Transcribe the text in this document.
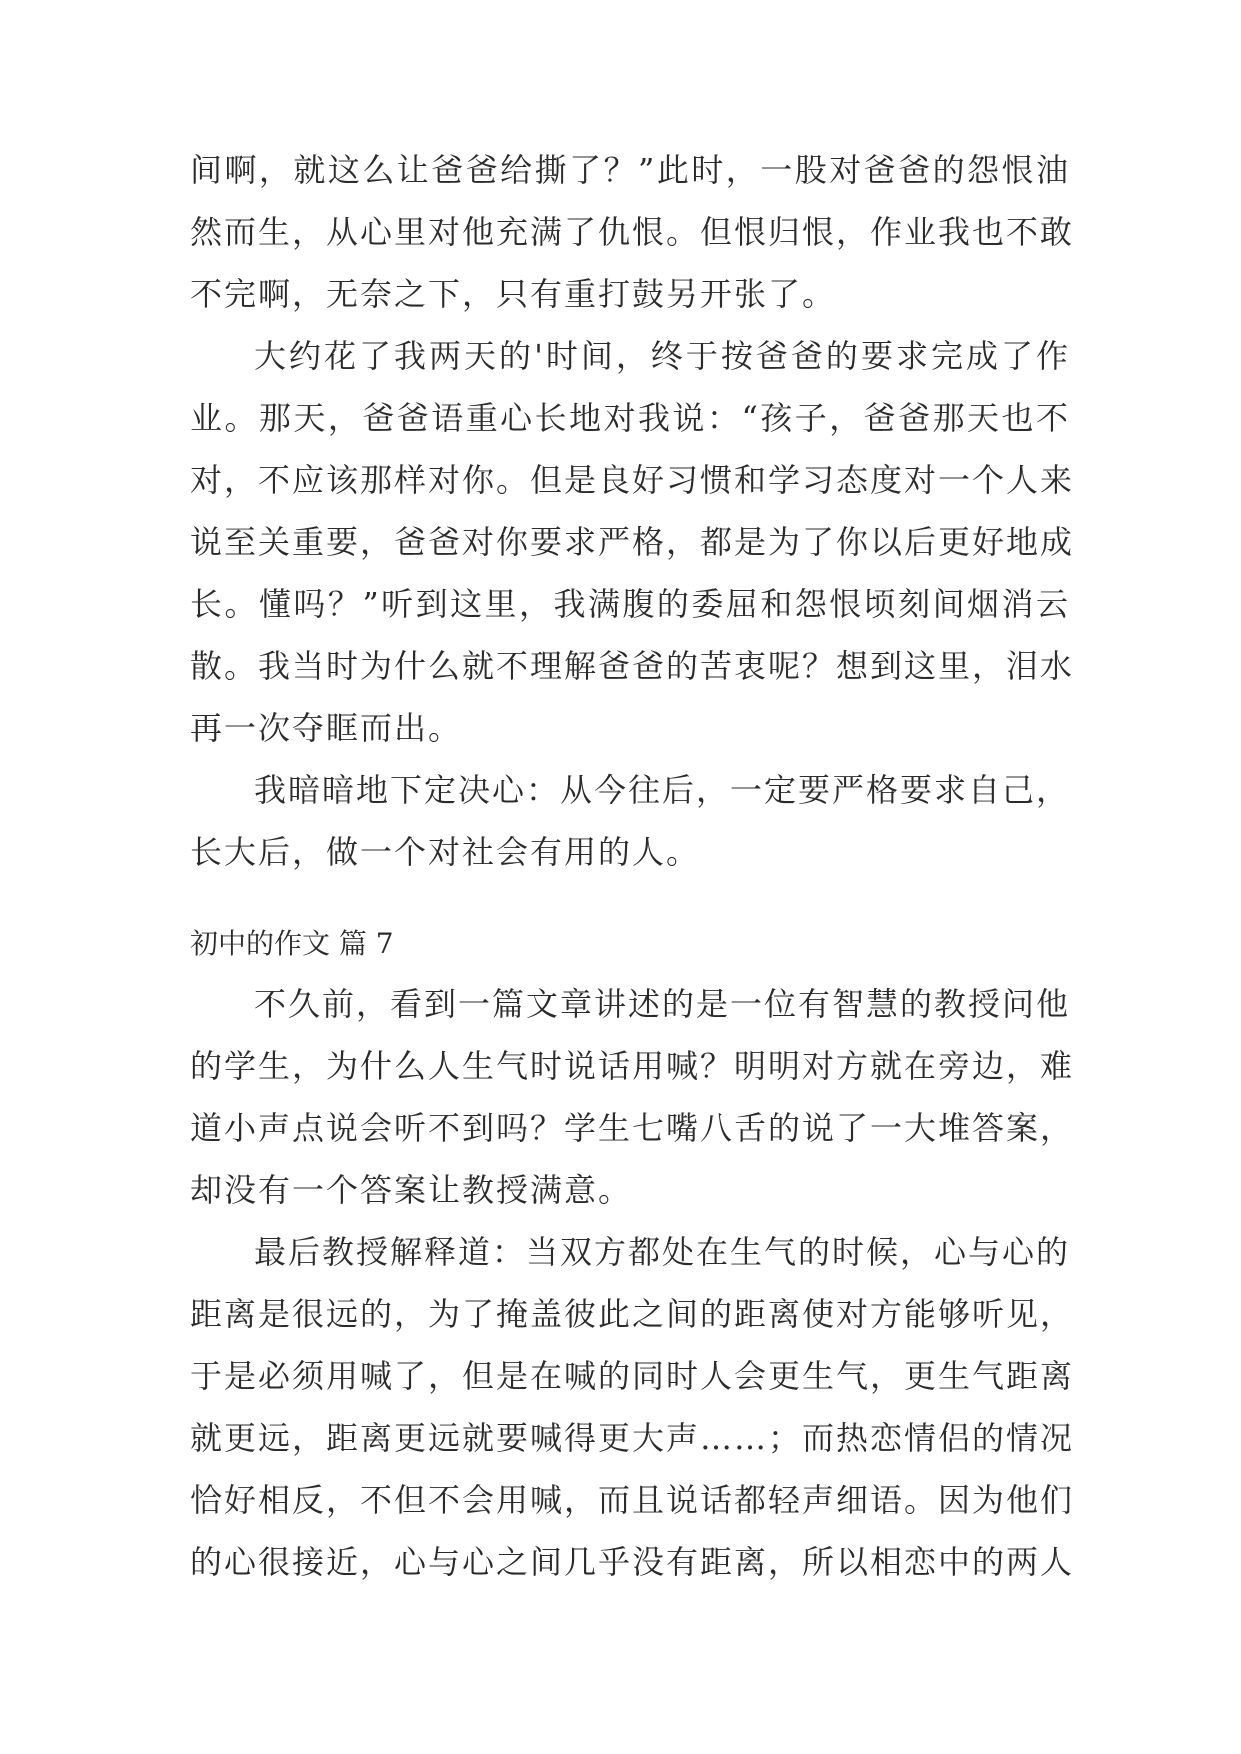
间啊，就这么让爸爸给撕了？”此时，一股对爸爸的怨恨油

然而生，从心里对他充满了仇恨。但恨归恨，作业我也不敢

不完啊，无奈之下，只有重打鼓另开张了。

大约花了我两天的'时间，终于按爸爸的要求完成了作

业。那天，爸爸语重心长地对我说：“孩子，爸爸那天也不

对，不应该那样对你。但是良好习惯和学习态度对一个人来

说至关重要，爸爸对你要求严格，都是为了你以后更好地成

长。懂吗？”听到这里，我满腹的委屈和怨恨顷刻间烟消云

散。我当时为什么就不理解爸爸的苦衷呢？想到这里，泪水

再一次夺眶而出。

我暗暗地下定决心：从今往后，一定要严格要求自己，

长大后，做一个对社会有用的人。

初中的作文 篇 7

不久前，看到一篇文章讲述的是一位有智慧的教授问他

的学生，为什么人生气时说话用喊？明明对方就在旁边，难

道小声点说会听不到吗？学生七嘴八舌的说了一大堆答案，

却没有一个答案让教授满意。

最后教授解释道：当双方都处在生气的时候，心与心的

距离是很远的，为了掩盖彼此之间的距离使对方能够听见，

于是必须用喊了，但是在喊的同时人会更生气，更生气距离

就更远，距离更远就要喊得更大声……；而热恋情侣的情况

恰好相反，不但不会用喊，而且说话都轻声细语。因为他们

的心很接近，心与心之间几乎没有距离，所以相恋中的两人
